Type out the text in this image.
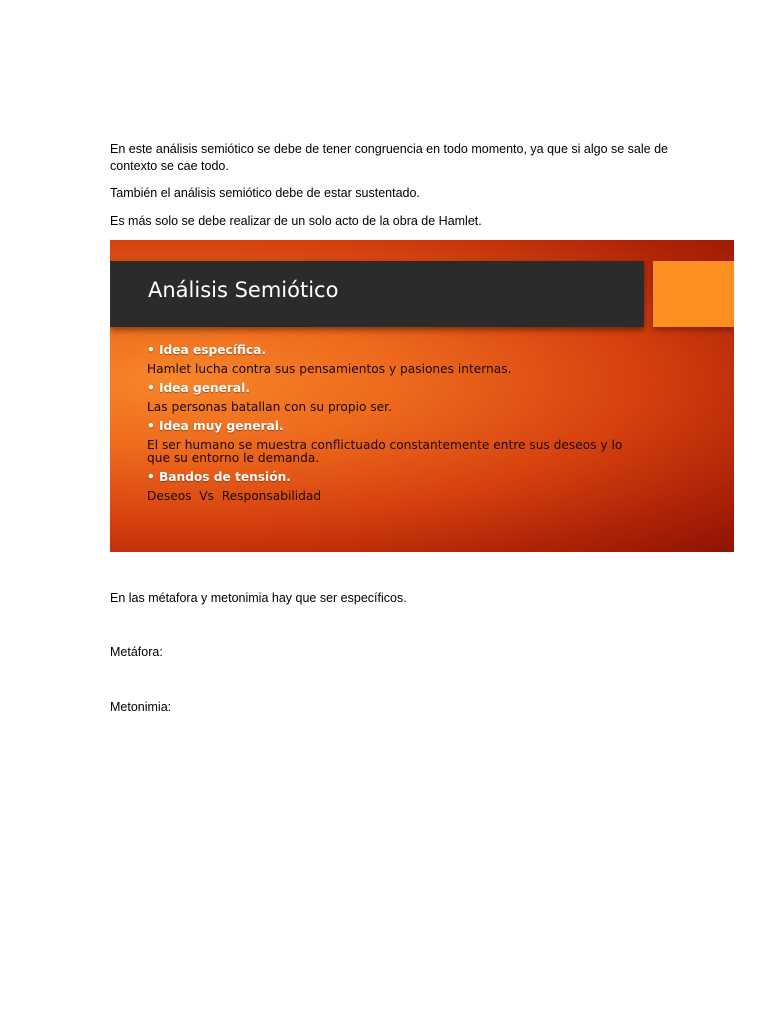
En este análisis semiótico se debe de tener congruencia en todo momento, ya que si algo se sale de contexto se cae todo.

También el análisis semiótico debe de estar sustentado.

Es más solo se debe realizar de un solo acto de la obra de Hamlet.

Análisis Semiótico

• Idea específica.

Hamlet lucha contra sus pensamientos y pasiones internas.

• Idea general.

Las personas batallan con su propio ser.

• Idea muy general.

El ser humano se muestra conflictuado constantemente entre sus deseos y lo que su entorno le demanda.

• Bandos de tensión.

Deseos  Vs  Responsabilidad

En las métafora y metonimia hay que ser específicos.

Metáfora:

Metonimia:
